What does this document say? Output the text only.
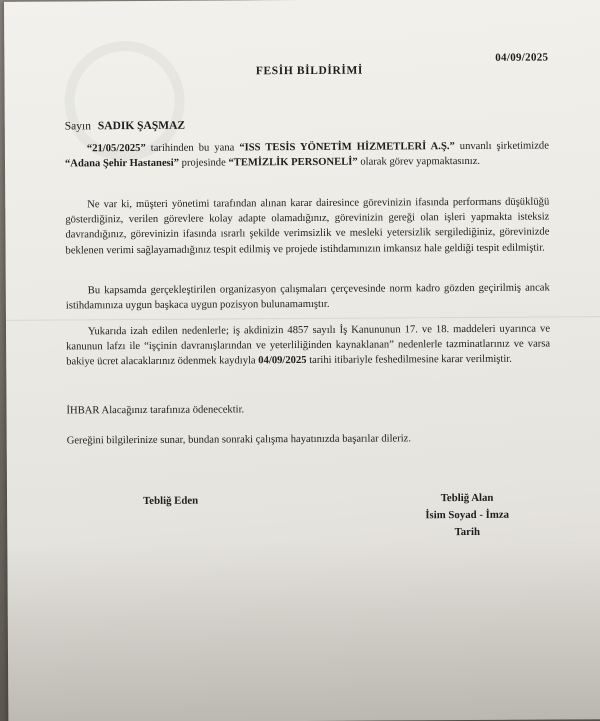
04/09/2025
FESİH BİLDİRİMİ
Sayın SADIK ŞAŞMAZ

“21/05/2025” tarihinden bu yana “ISS TESİS YÖNETİM HİZMETLERİ A.Ş.” unvanlı şirketimizde “Adana Şehir Hastanesi” projesinde “TEMİZLİK PERSONELİ” olarak görev yapmaktasınız.

Ne var ki, müşteri yönetimi tarafından alınan karar dairesince görevinizin ifasında performans düşüklüğü gösterdiğiniz, verilen görevlere kolay adapte olamadığınız, görevinizin gereği olan işleri yapmakta isteksiz davrandığınız, görevinizin ifasında ısrarlı şekilde verimsizlik ve mesleki yetersizlik sergilediğiniz, görevinizde beklenen verimi sağlayamadığınız tespit edilmiş ve projede istihdamınızın imkansız hale geldiği tespit edilmiştir.

Bu kapsamda gerçekleştirilen organizasyon çalışmaları çerçevesinde norm kadro gözden geçirilmiş ancak istihdamınıza uygun başkaca uygun pozisyon bulunamamıştır.

Yukarıda izah edilen nedenlerle; iş akdinizin 4857 sayılı İş Kanununun 17. ve 18. maddeleri uyarınca ve kanunun lafzı ile “işçinin davranışlarından ve yeterliliğinden kaynaklanan” nedenlerle tazminatlarınız ve varsa bakiye ücret alacaklarınız ödenmek kaydıyla 04/09/2025 tarihi itibariyle feshedilmesine karar verilmiştir.

İHBAR Alacağınız tarafınıza ödenecektir.

Gereğini bilgilerinize sunar, bundan sonraki çalışma hayatınızda başarılar dileriz.

Tebliğ Eden	Tebliğ Alan
İsim Soyad - İmza
Tarih
